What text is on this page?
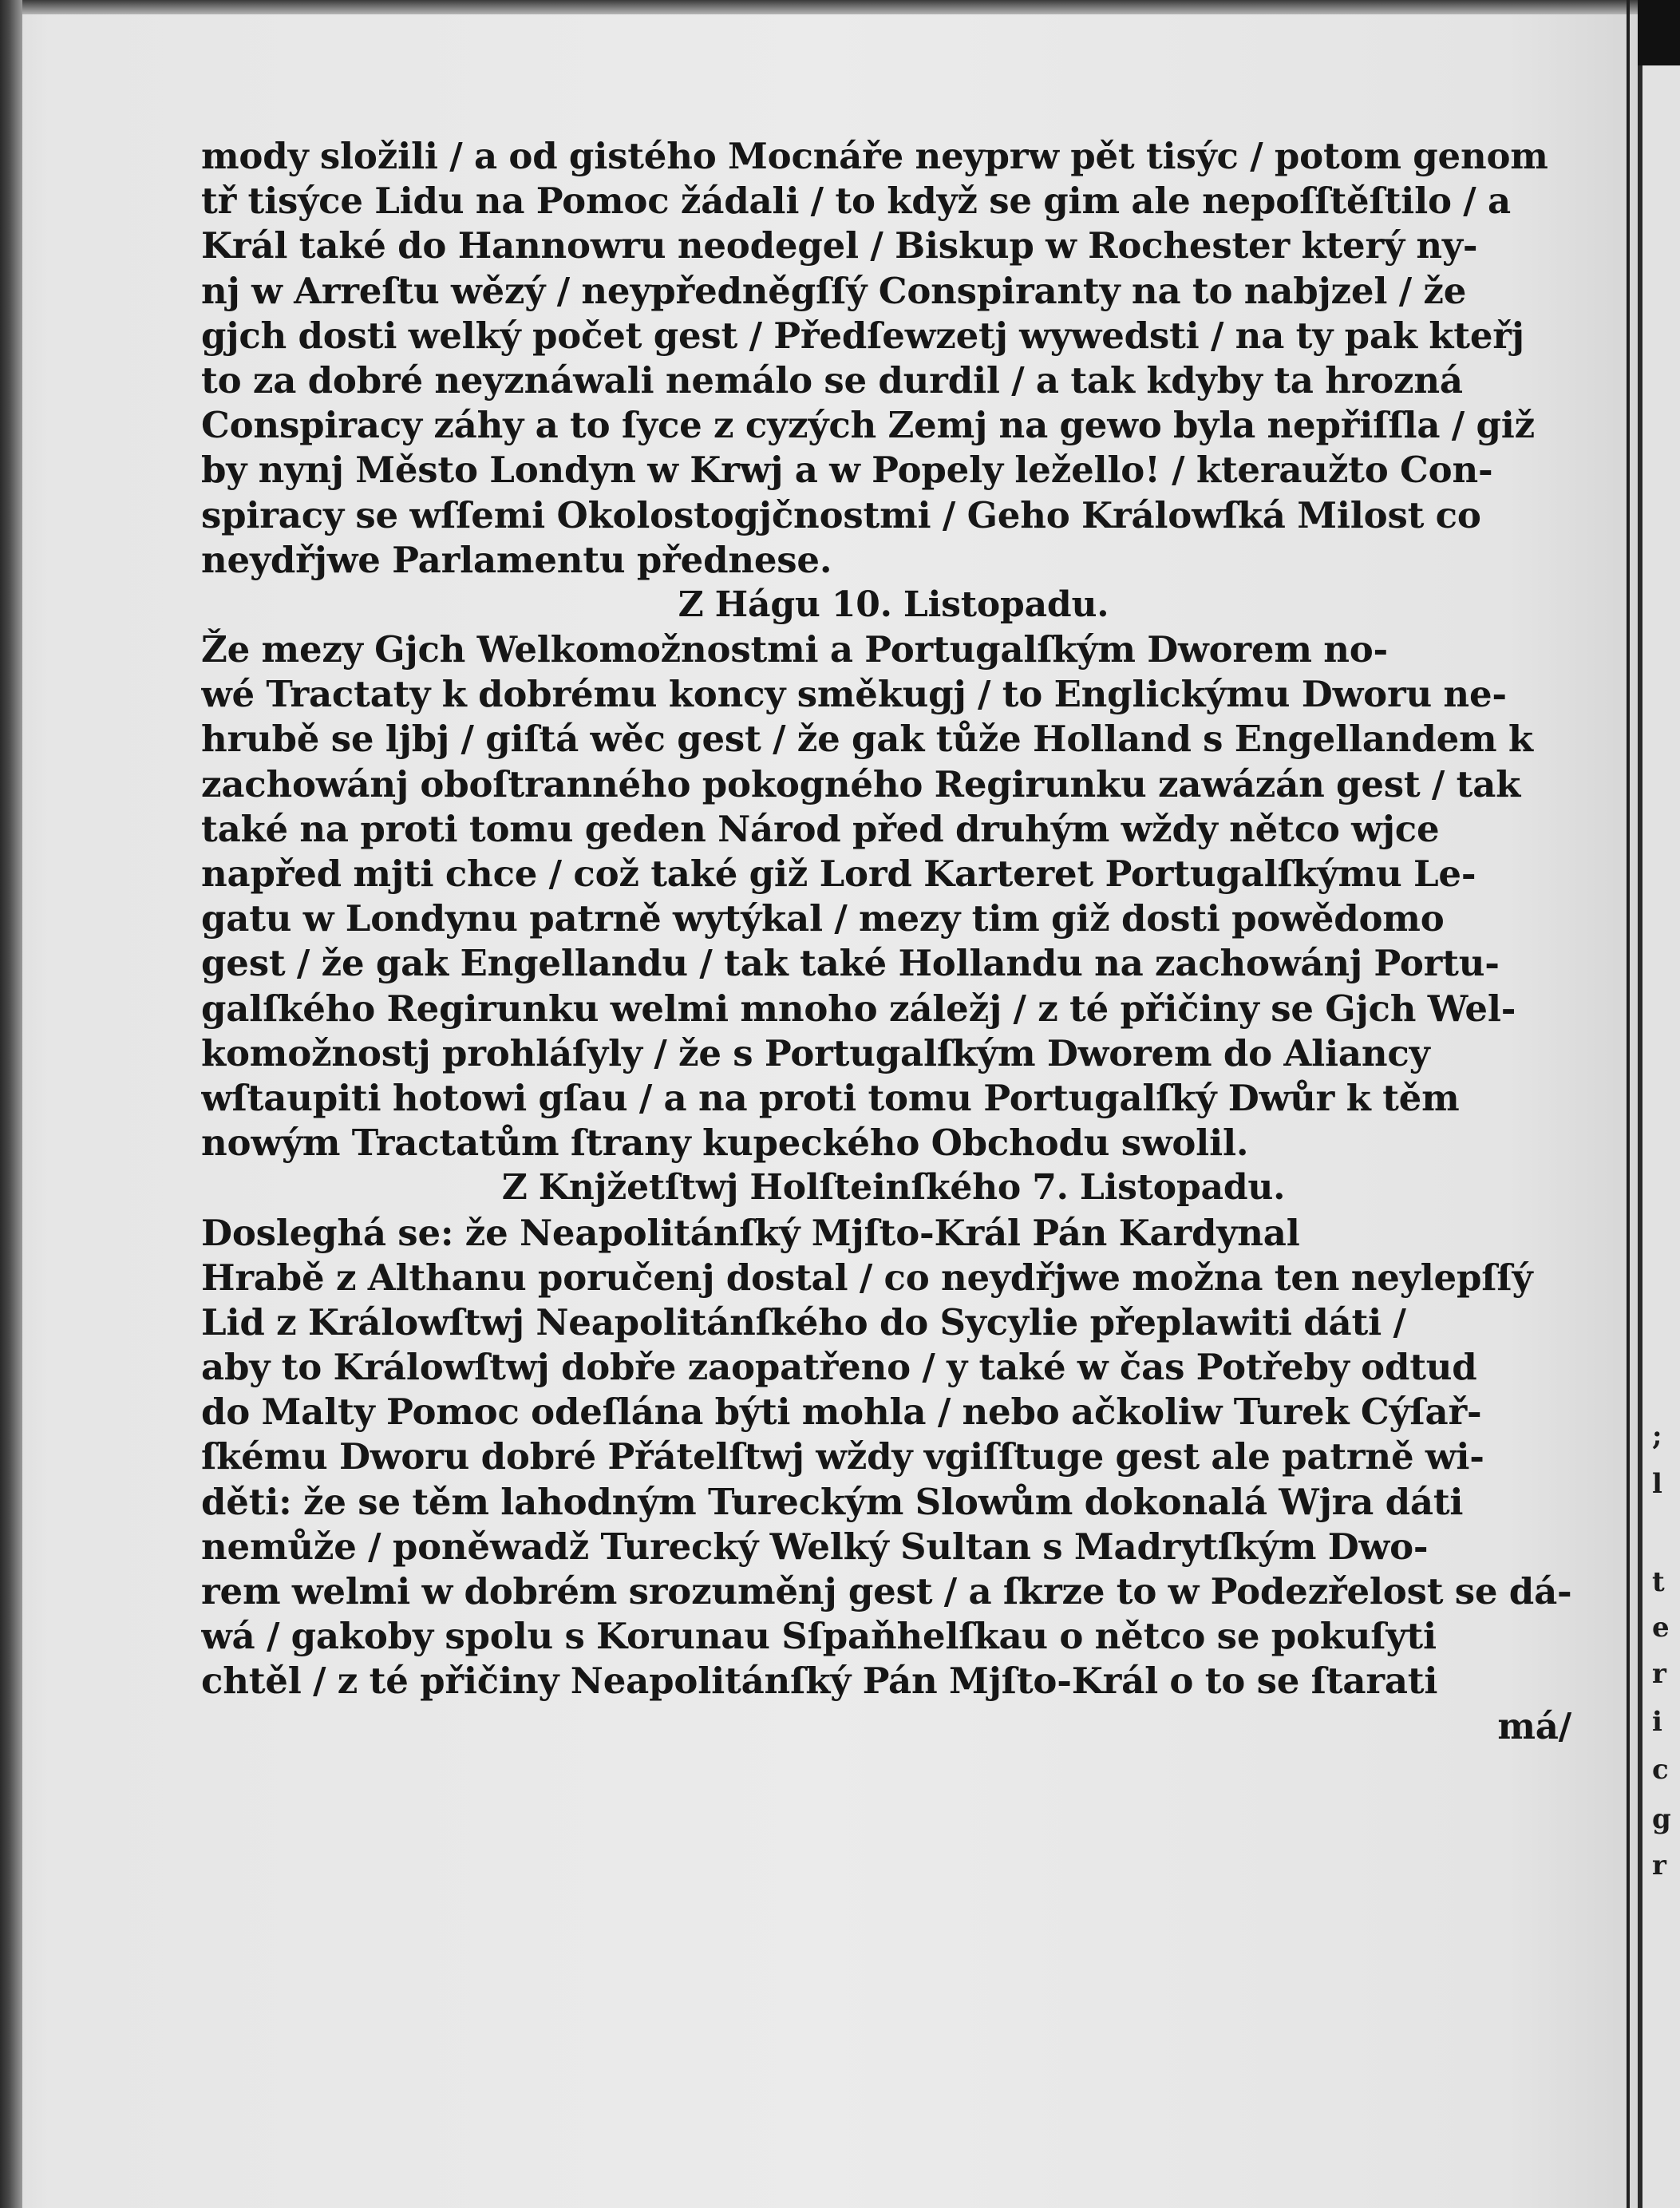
mody složili / a od gistého Mocnáře neyprw pět tisýc / potom genom
tř tisýce Lidu na Pomoc žádali / to když se gim ale nepoſſtěſtilo / a
Král také do Hannowru neodegel / Biskup w Rochester který ny-
nj w Arreſtu wězý / neypředněgſſý Conspiranty na to nabjzel / že
gjch dosti welký počet gest / Předſewzetj wywedsti / na ty pak kteřj
to za dobré neyznáwali nemálo se durdil / a tak kdyby ta hrozná
Conspiracy záhy a to ſyce z cyzých Zemj na gewo byla nepřiſſla / giž
by nynj Město Londyn w Krwj a w Popely ležello! / kteraužto Con-
spiracy se wſſemi Okolostogjčnostmi / Geho Králowſká Milost co
neydřjwe Parlamentu přednese.
Z Hágu 10. Listopadu.
Že mezy Gjch Welkomožnostmi a Portugalſkým Dworem no-
wé Tractaty k dobrému koncy směkugj / to Englickýmu Dworu ne-
hrubě se ljbj / giſtá wěc gest / že gak tůže Holland s Engellandem k
zachowánj oboſtranného pokogného Regirunku zawázán gest / tak
také na proti tomu geden Národ před druhým wždy nětco wjce
napřed mjti chce / což také giž Lord Karteret Portugalſkýmu Le-
gatu w Londynu patrně wytýkal / mezy tim giž dosti powědomo
gest / že gak Engellandu / tak také Hollandu na zachowánj Portu-
galſkého Regirunku welmi mnoho záležj / z té přičiny se Gjch Wel-
komožnostj prohláſyly / že s Portugalſkým Dworem do Aliancy
wſtaupiti hotowi gſau / a na proti tomu Portugalſký Dwůr k těm
nowým Tractatům ſtrany kupeckého Obchodu swolil.
Z Knjžetſtwj Holſteinſkého 7. Listopadu.
Dosleghá se: že Neapolitánſký Mjſto-Král Pán Kardynal
Hrabě z Althanu poručenj dostal / co neydřjwe možna ten neylepſſý
Lid z Králowſtwj Neapolitánſkého do Sycylie přeplawiti dáti /
aby to Králowſtwj dobře zaopatřeno / y také w čas Potřeby odtud
do Malty Pomoc odeſlána býti mohla / nebo ačkoliw Turek Cýſař-
ſkému Dworu dobré Přátelſtwj wždy vgiſſtuge gest ale patrně wi-
děti: že se těm lahodným Tureckým Slowům dokonalá Wjra dáti
nemůže / poněwadž Turecký Welký Sultan s Madrytſkým Dwo-
rem welmi w dobrém srozuměnj gest / a ſkrze to w Podezřelost se dá-
wá / gakoby spolu s Korunau Sſpaňhelſkau o nětco se pokuſyti
chtěl / z té přičiny Neapolitánſký Pán Mjſto-Král o to se ſtarati
má/
;
l
t
e
r
i
c
g
r
